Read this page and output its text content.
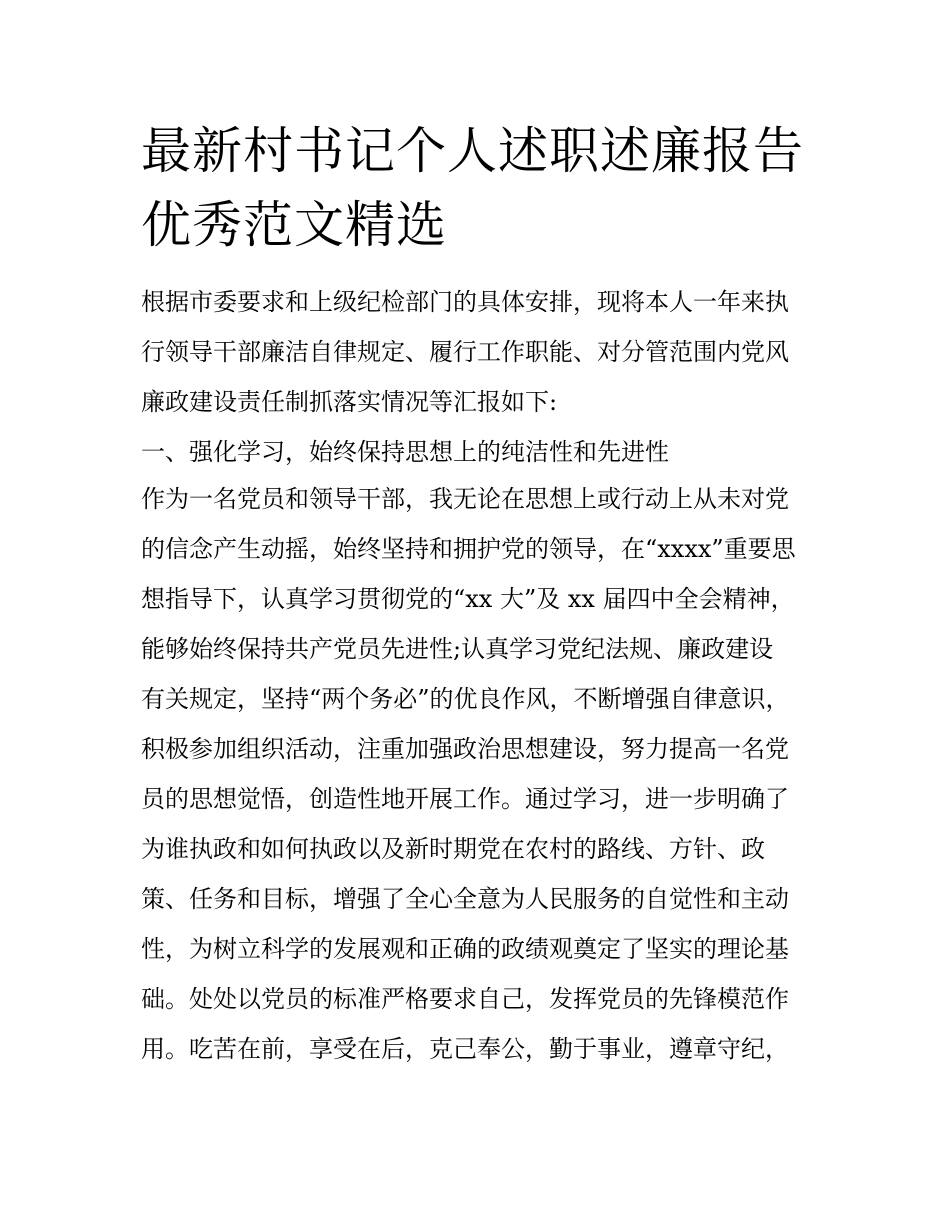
最新村书记个人述职述廉报告
优秀范文精选
根据市委要求和上级纪检部门的具体安排，现将本人一年来执
行领导干部廉洁自律规定、履行工作职能、对分管范围内党风
廉政建设责任制抓落实情况等汇报如下:
一、强化学习，始终保持思想上的纯洁性和先进性
作为一名党员和领导干部，我无论在思想上或行动上从未对党
的信念产生动摇，始终坚持和拥护党的领导，在“xxxx”重要思
想指导下，认真学习贯彻党的“xx 大”及 xx 届四中全会精神，
能够始终保持共产党员先进性;认真学习党纪法规、廉政建设
有关规定，坚持“两个务必”的优良作风，不断增强自律意识，
积极参加组织活动，注重加强政治思想建设，努力提高一名党
员的思想觉悟，创造性地开展工作。通过学习，进一步明确了
为谁执政和如何执政以及新时期党在农村的路线、方针、政
策、任务和目标，增强了全心全意为人民服务的自觉性和主动
性，为树立科学的发展观和正确的政绩观奠定了坚实的理论基
础。处处以党员的标准严格要求自己，发挥党员的先锋模范作
用。吃苦在前，享受在后，克己奉公，勤于事业，遵章守纪，
